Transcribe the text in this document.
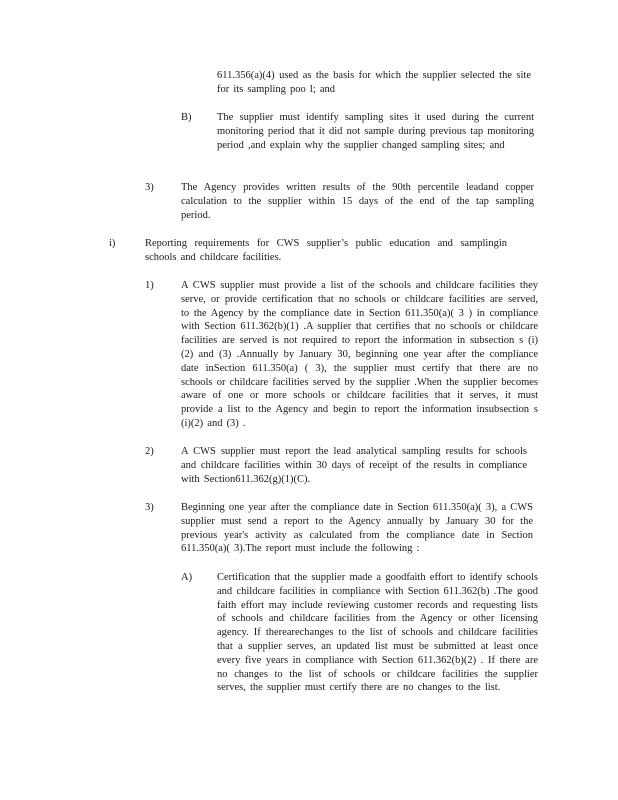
611.356(a)(4) used as the basis for which the supplier selected the site for its sampling poo l; and
B) The supplier must identify sampling sites it used during the current monitoring period that it did not sample during previous tap monitoring period ,and explain why the supplier changed sampling sites; and
3)	The Agency provides written results of the 90th percentile leadand copper calculation to the supplier within 15 days of the end of the tap sampling period.
i)	Reporting requirements for CWS supplier’s public education and samplingin schools and childcare facilities.
1)	A CWS supplier must provide a list of the schools and childcare facilities they serve, or provide certification that no schools or childcare facilities are served, to the Agency by the compliance date in Section 611.350(a)( 3 ) in compliance with Section 611.362(b)(1) .A supplier that certifies that no schools or childcare facilities are served is not required to report the information in subsection s (i)(2) and (3) .Annually by January 30, beginning one year after the compliance date inSection 611.350(a) ( 3), the supplier must certify that there are no schools or childcare facilities served by the supplier .When the supplier becomes aware of one or more schools or childcare facilities that it serves, it must provide a list to the Agency and begin to report the information insubsection s (i)(2) and (3) .
2)	A CWS supplier must report the lead analytical sampling results for schools and childcare facilities within 30 days of receipt of the results in compliance with Section611.362(g)(1)(C).
3)	Beginning one year after the compliance date in Section 611.350(a)( 3), a CWS supplier must send a report to the Agency annually by January 30 for the previous year's activity as calculated from the compliance date in Section 611.350(a)( 3).The report must include the following :
A) Certification that the supplier made a goodfaith effort to identify schools and childcare facilities in compliance with Section 611.362(b) .The good faith effort may include reviewing customer records and requesting lists of schools and childcare facilities from the Agency or other licensing agency. If therearechanges to the list of schools and childcare facilities that a supplier serves, an updated list must be submitted at least once every five years in compliance with Section 611.362(b)(2) . If there are no changes to the list of schools or childcare facilities the supplier serves, the supplier must certify there are no changes to the list.
